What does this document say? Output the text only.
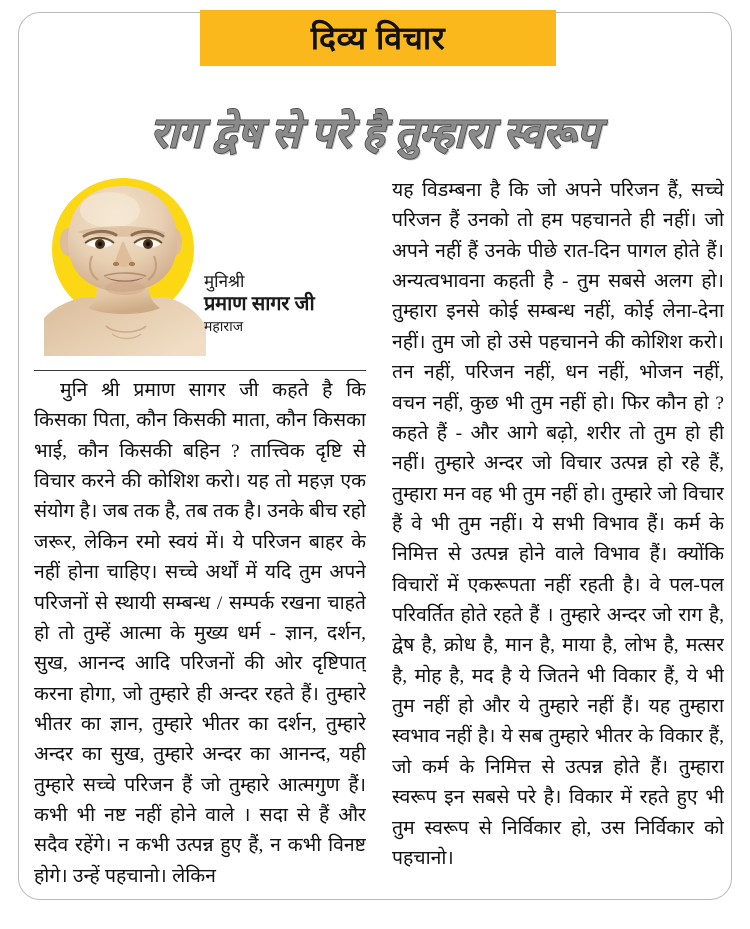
दिव्य विचार
राग द्वेष से परे है तुम्हारा स्वरूप
मुनिश्री
प्रमाण सागर जी
महाराज

मुनि श्री प्रमाण सागर जी कहते है कि किसका पिता, कौन किसकी माता, कौन किसका भाई, कौन किसकी बहिन ? तात्त्विक दृष्टि से विचार करने की कोशिश करो। यह तो महज़ एक संयोग है। जब तक है, तब तक है। उनके बीच रहो जरूर, लेकिन रमो स्वयं में। ये परिजन बाहर के नहीं होना चाहिए। सच्चे अर्थों में यदि तुम अपने परिजनों से स्थायी सम्बन्ध / सम्पर्क रखना चाहते हो तो तुम्हें आत्मा के मुख्य धर्म - ज्ञान, दर्शन, सुख, आनन्द आदि परिजनों की ओर दृष्टिपात् करना होगा, जो तुम्हारे ही अन्दर रहते हैं। तुम्हारे भीतर का ज्ञान, तुम्हारे भीतर का दर्शन, तुम्हारे अन्दर का सुख, तुम्हारे अन्दर का आनन्द, यही तुम्हारे सच्चे परिजन हैं जो तुम्हारे आत्मगुण हैं। कभी भी नष्ट नहीं होने वाले । सदा से हैं और सदैव रहेंगे। न कभी उत्पन्न हुए हैं, न कभी विनष्ट होगे। उन्हें पहचानो। लेकिन

यह विडम्बना है कि जो अपने परिजन हैं, सच्चे परिजन हैं उनको तो हम पहचानते ही नहीं। जो अपने नहीं हैं उनके पीछे रात-दिन पागल होते हैं। अन्यत्वभावना कहती है - तुम सबसे अलग हो। तुम्हारा इनसे कोई सम्बन्ध नहीं, कोई लेना-देना नहीं। तुम जो हो उसे पहचानने की कोशिश करो। तन नहीं, परिजन नहीं, धन नहीं, भोजन नहीं, वचन नहीं, कुछ भी तुम नहीं हो। फिर कौन हो ? कहते हैं - और आगे बढ़ो, शरीर तो तुम हो ही नहीं। तुम्हारे अन्दर जो विचार उत्पन्न हो रहे हैं, तुम्हारा मन वह भी तुम नहीं हो। तुम्हारे जो विचार हैं वे भी तुम नहीं। ये सभी विभाव हैं। कर्म के निमित्त से उत्पन्न होने वाले विभाव हैं। क्योंकि विचारों में एकरूपता नहीं रहती है। वे पल-पल परिवर्तित होते रहते हैं । तुम्हारे अन्दर जो राग है, द्वेष है, क्रोध है, मान है, माया है, लोभ है, मत्सर है, मोह है, मद है ये जितने भी विकार हैं, ये भी तुम नहीं हो और ये तुम्हारे नहीं हैं। यह तुम्हारा स्वभाव नहीं है। ये सब तुम्हारे भीतर के विकार हैं, जो कर्म के निमित्त से उत्पन्न होते हैं। तुम्हारा स्वरूप इन सबसे परे है। विकार में रहते हुए भी तुम स्वरूप से निर्विकार हो, उस निर्विकार को पहचानो।
